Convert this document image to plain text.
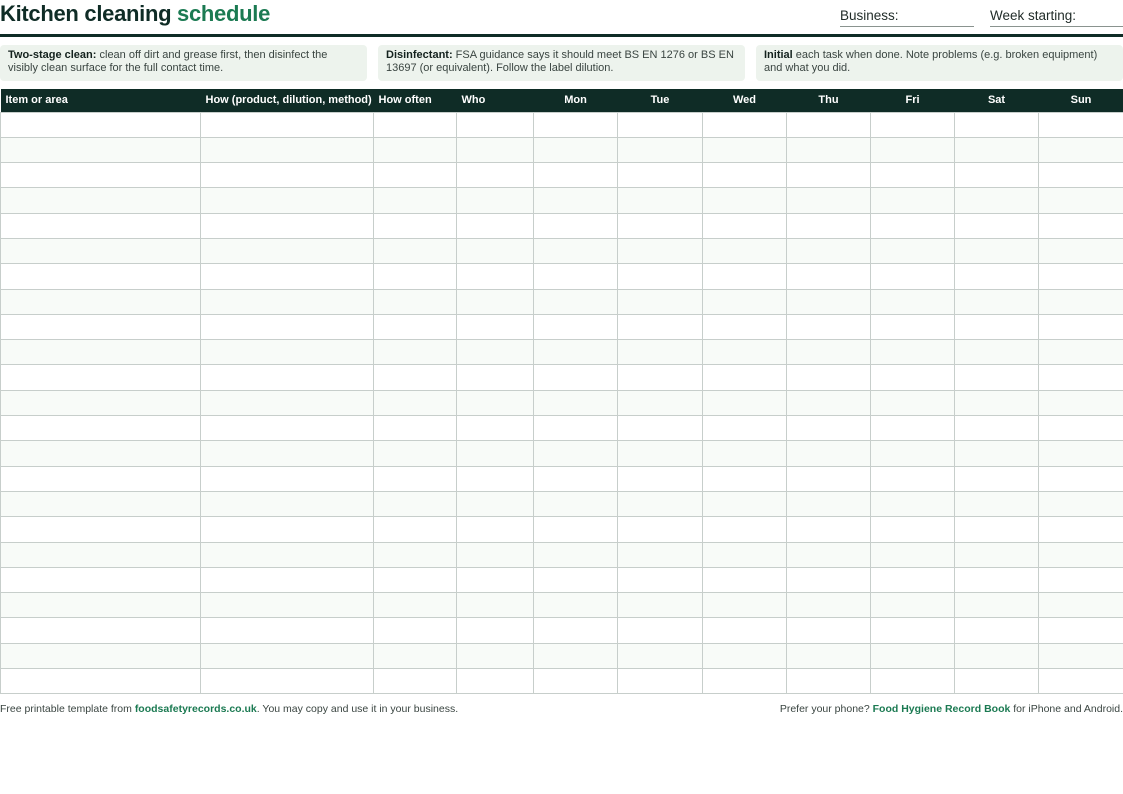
Kitchen cleaning schedule	Business:	Week starting:
Two-stage clean: clean off dirt and grease first, then disinfect the visibly clean surface for the full contact time.
Disinfectant: FSA guidance says it should meet BS EN 1276 or BS EN 13697 (or equivalent). Follow the label dilution.
Initial each task when done. Note problems (e.g. broken equipment) and what you did.
Item or area	How (product, dilution, method)	How often	Who	Mon	Tue	Wed	Thu	Fri	Sat	Sun

Free printable template from foodsafetyrecords.co.uk. You may copy and use it in your business.	Prefer your phone? Food Hygiene Record Book for iPhone and Android.
